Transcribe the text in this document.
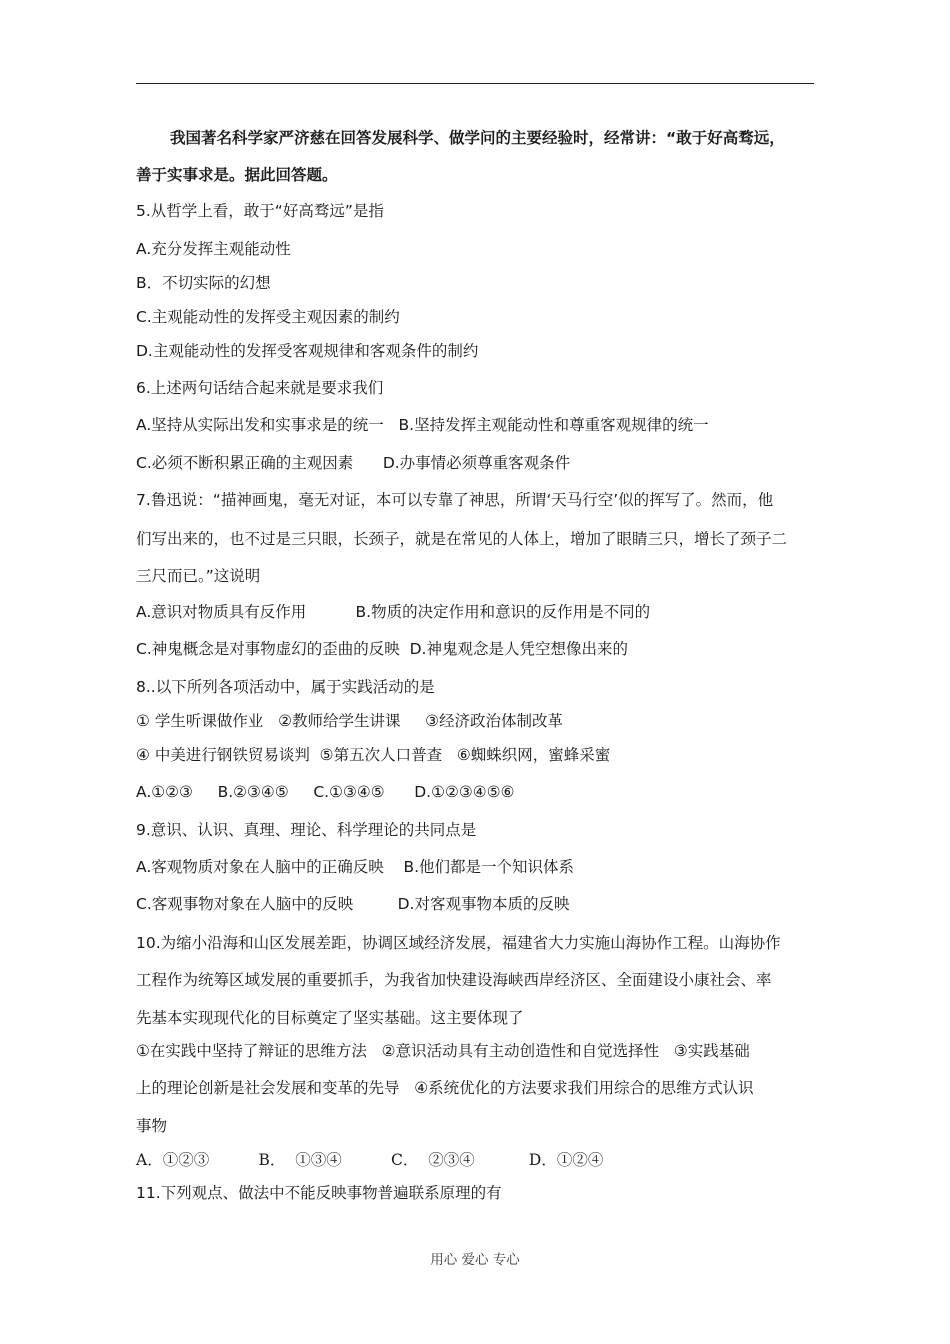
我国著名科学家严济慈在回答发展科学、做学问的主要经验时，经常讲：“敢于好高骛远，
善于实事求是。据此回答题。
5.从哲学上看，敢于“好高骛远”是指
A.充分发挥主观能动性
B．不切实际的幻想
C.主观能动性的发挥受主观因素的制约
D.主观能动性的发挥受客观规律和客观条件的制约
6.上述两句话结合起来就是要求我们
A.坚持从实际出发和实事求是的统一   B.坚持发挥主观能动性和尊重客观规律的统一
C.必须不断积累正确的主观因素      D.办事情必须尊重客观条件
7.鲁迅说：“描神画鬼，毫无对证，本可以专靠了神思，所谓‘天马行空’似的挥写了。然而，他
们写出来的，也不过是三只眼，长颈子，就是在常见的人体上，增加了眼睛三只，增长了颈子二
三尺而已。”这说明
A.意识对物质具有反作用          B.物质的决定作用和意识的反作用是不同的
C.神鬼概念是对事物虚幻的歪曲的反映  D.神鬼观念是人凭空想像出来的
8..以下所列各项活动中，属于实践活动的是
① 学生听课做作业   ②教师给学生讲课     ③经济政治体制改革
④ 中美进行钢铁贸易谈判  ⑤第五次人口普查   ⑥蜘蛛织网，蜜蜂采蜜
A.①②③     B.②③④⑤     C.①③④⑤      D.①②③④⑤⑥
9.意识、认识、真理、理论、科学理论的共同点是
A.客观物质对象在人脑中的正确反映    B.他们都是一个知识体系
C.客观事物对象在人脑中的反映         D.对客观事物本质的反映
10.为缩小沿海和山区发展差距，协调区域经济发展，福建省大力实施山海协作工程。山海协作
工程作为统筹区域发展的重要抓手，为我省加快建设海峡西岸经济区、全面建设小康社会、率
先基本实现现代化的目标奠定了坚实基础。这主要体现了
①在实践中坚持了辩证的思维方法   ②意识活动具有主动创造性和自觉选择性   ③实践基础
上的理论创新是社会发展和变革的先导   ④系统优化的方法要求我们用综合的思维方式认识
事物
A．①②③          B．  ①③④          C．  ②③④           D．①②④
11.下列观点、做法中不能反映事物普遍联系原理的有
用心 爱心 专心
